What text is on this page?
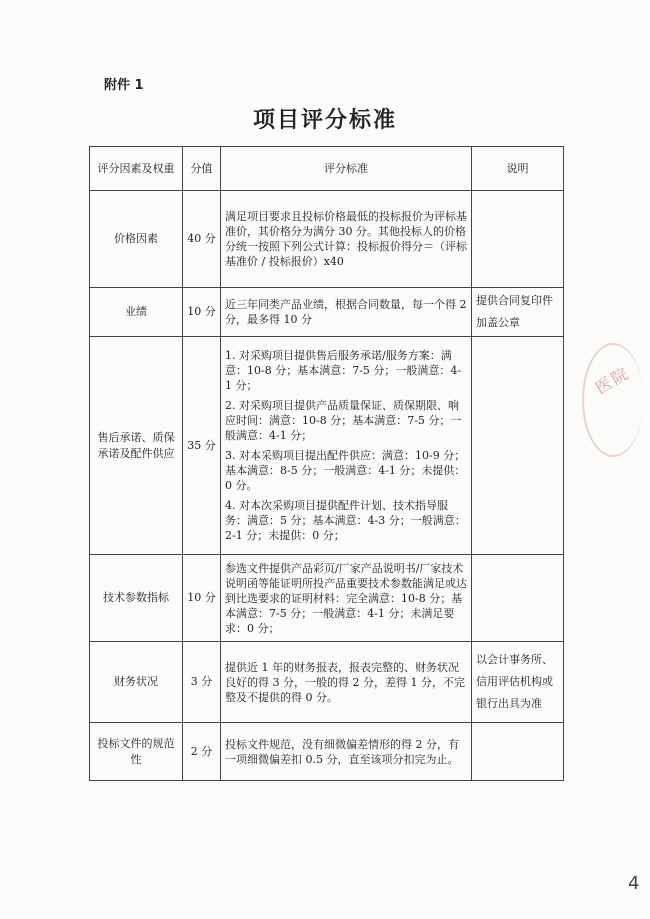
附件 1
项目评分标准
评分因素及权重	分值	评分标准	说明
价格因素	40 分	满足项目要求且投标价格最低的投标报价为评标基准价，其价格分为满分 30 分。其他投标人的价格分统一按照下列公式计算：投标报价得分＝（评标基准价 / 投标报价）x40	

业绩	10 分	近三年同类产品业绩，根据合同数量，每一个得 2 分，最多得 10 分	提供合同复印件加盖公章
售后承诺、质保承诺及配件供应	35 分	1. 对采购项目提供售后服务承诺/服务方案：满意：10-8 分；基本满意：7-5 分；一般满意：4-1 分；
2. 对采购项目提供产品质量保证、质保期限、响应时间：满意：10-8 分；基本满意：7-5 分；一般满意：4-1 分；
3. 对本采购项目提出配件供应：满意：10-9 分；基本满意：8-5 分；一般满意：4-1 分；未提供：0 分。
4. 对本次采购项目提供配件计划、技术指导服务：满意：5 分；基本满意：4-3 分；一般满意：2-1 分；未提供：0 分；	

技术参数指标	10 分	参选文件提供产品彩页/厂家产品说明书/厂家技术说明函等能证明所投产品重要技术参数能满足或达到比选要求的证明材料：完全满意：10-8 分；基本满意：7-5 分；一般满意：4-1 分；未满足要求：0 分；	

财务状况	3 分	提供近 1 年的财务报表，报表完整的、财务状况良好的得 3 分，一般的得 2 分，差得 1 分，不完整及不提供的得 0 分。	以会计事务所、信用评估机构或银行出具为准
投标文件的规范性	2 分	投标文件规范，没有细微偏差情形的得 2 分，有一项细微偏差扣 0.5 分，直至该项分扣完为止。	

医院
4
